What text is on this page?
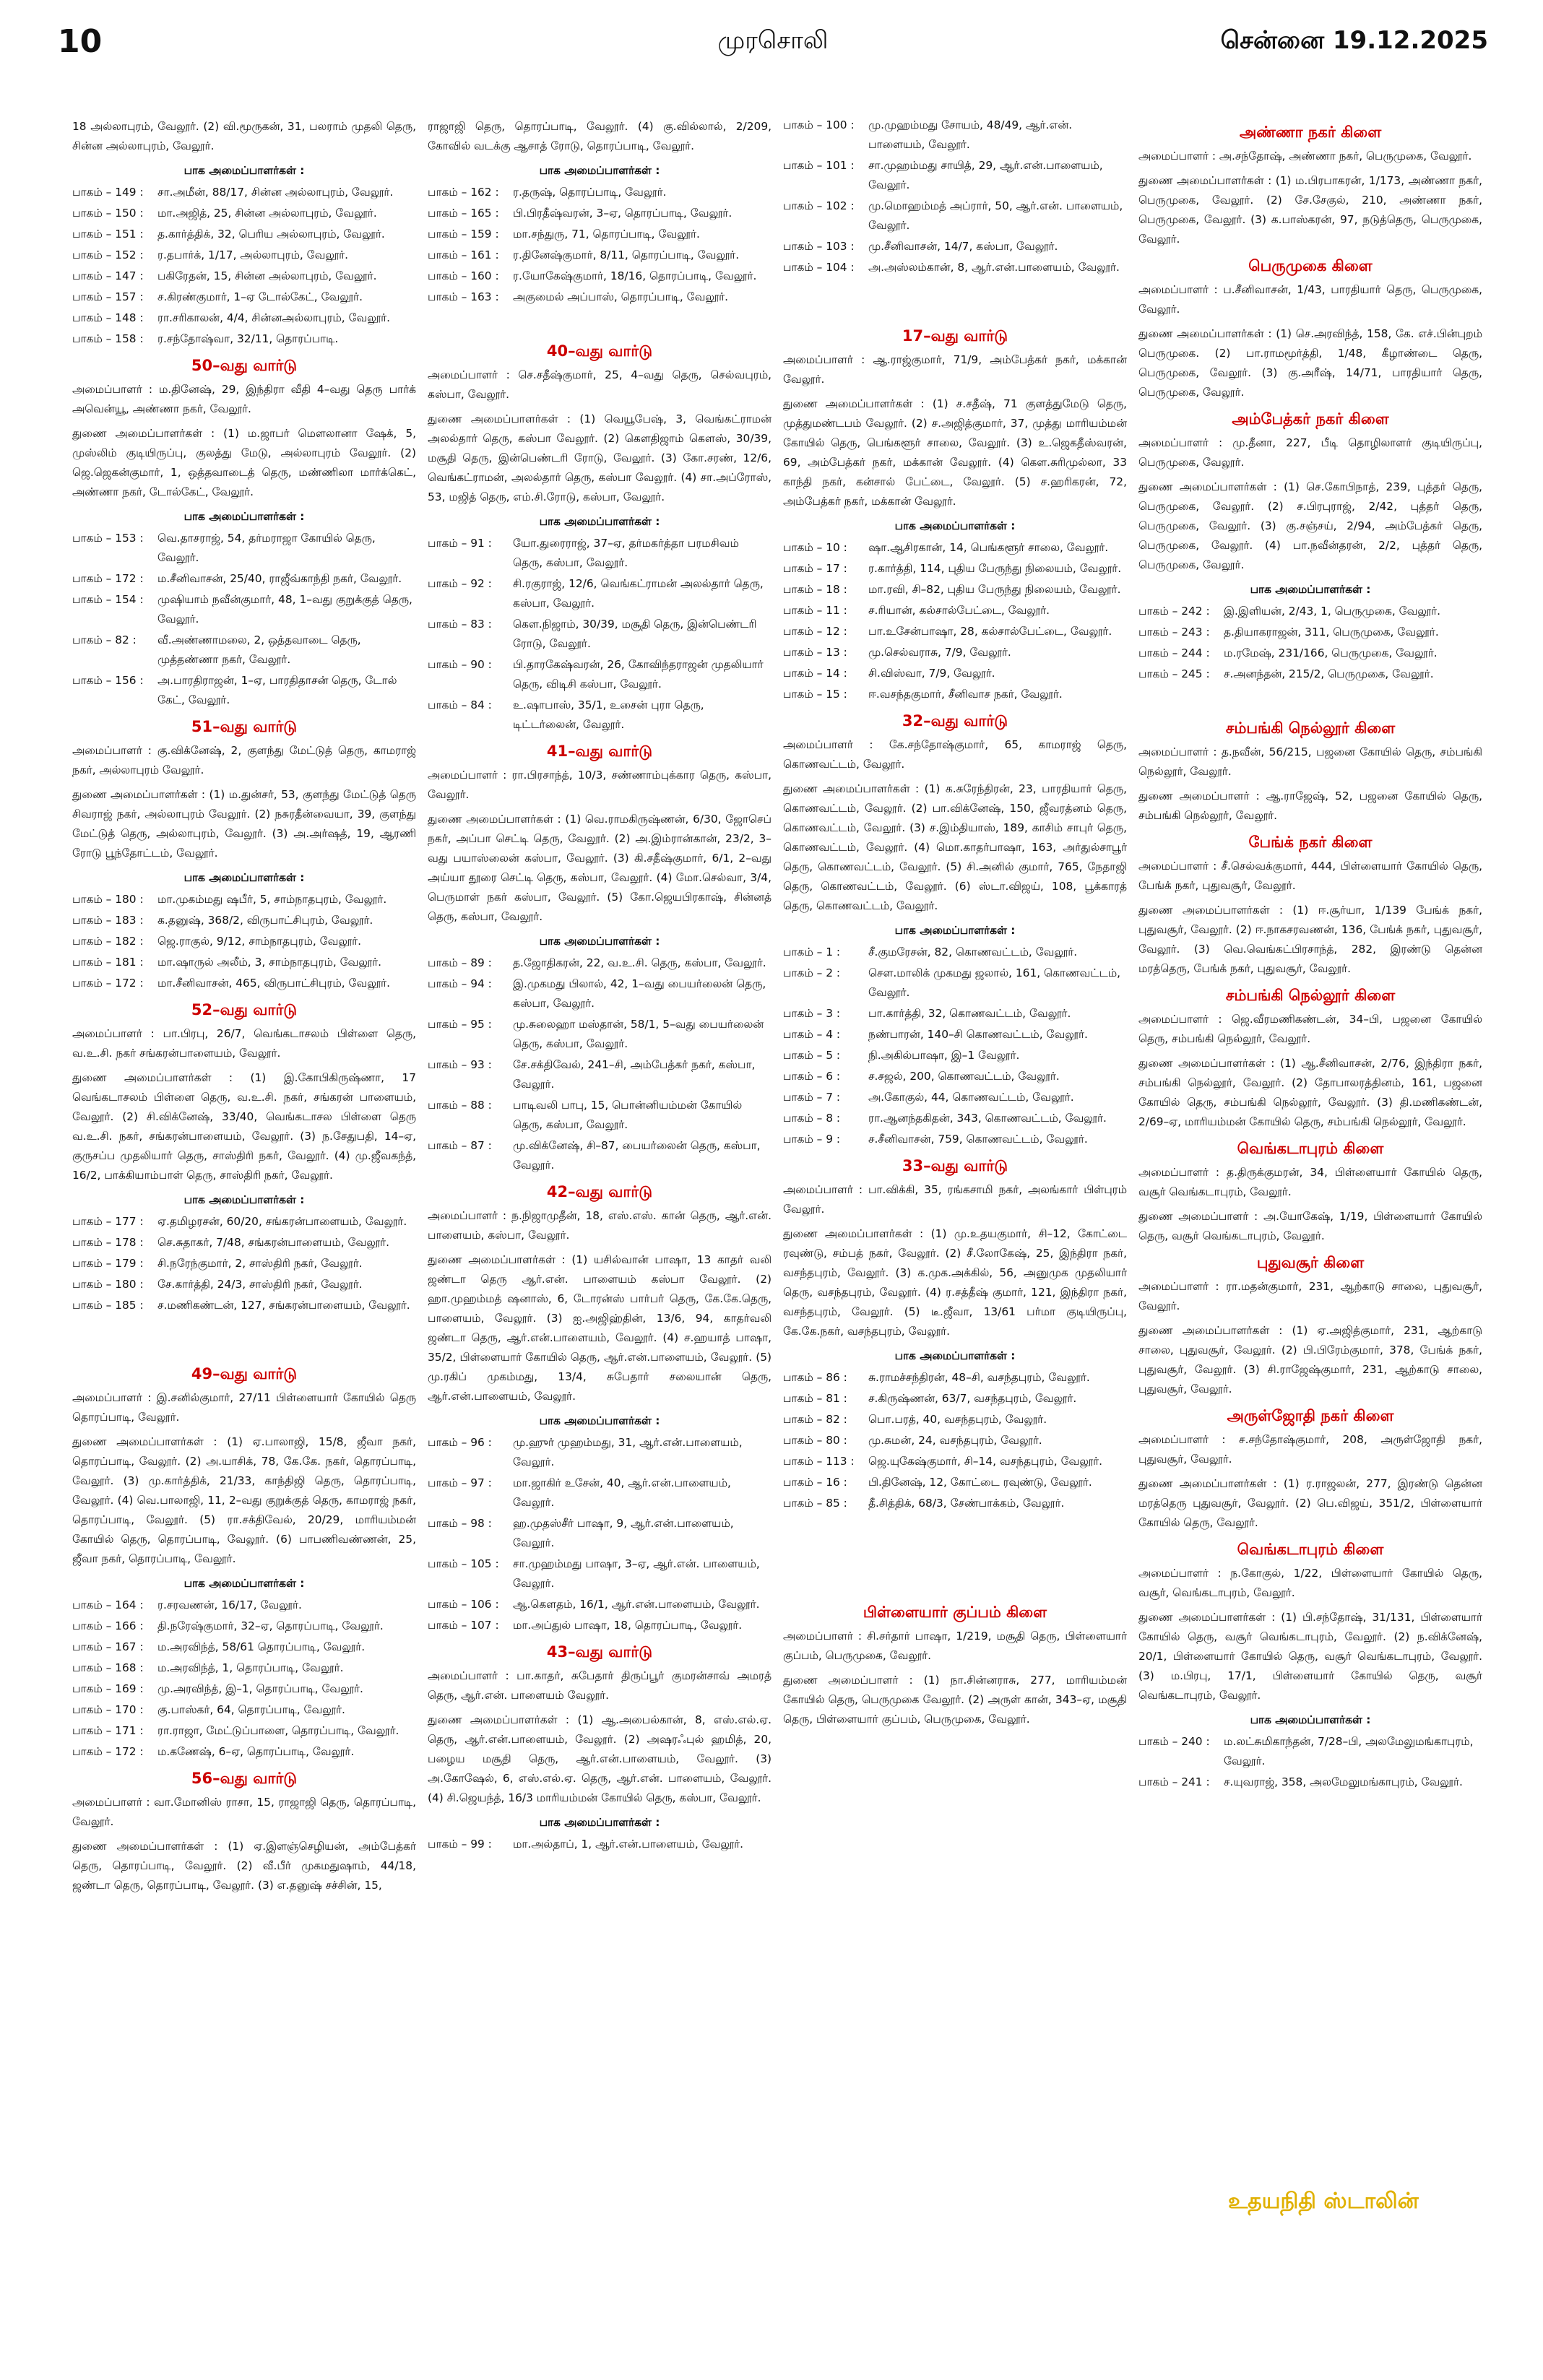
10	முரசொலி	சென்னை 19.12.2025
18 அல்லாபுரம், வேலூர். (2) வி.மூருகன், 31, பலராம் முதலி தெரு, சின்ன அல்லாபுரம், வேலூர்.
பாக அமைப்பாளர்கள் :
பாகம் – 149 :	சா.அமீன், 88/17, சின்ன அல்லாபுரம், வேலூர்.
பாகம் – 150 :	மா.அஜித், 25, சின்ன அல்லாபுரம், வேலூர்.
பாகம் – 151 :	த.கார்த்திக், 32, பெரிய அல்லாபுரம், வேலூர்.
பாகம் – 152 :	ர.தபார்க், 1/17, அல்லாபுரம், வேலூர்.
பாகம் – 147 :	பகிரேதன், 15, சின்ன அல்லாபுரம், வேலூர்.
பாகம் – 157 :	ச.கிரண்குமார், 1–ஏ டோல்கேட், வேலூர்.
பாகம் – 148 :	ரா.சரிகாலன், 4/4, சின்னஅல்லாபுரம், வேலூர்.
பாகம் – 158 :	ர.சந்தோஷ்வா, 32/11, தொரப்பாடி.
50–வது வார்டு
அமைப்பாளர் : ம.தினேஷ், 29, இந்திரா வீதி 4–வது தெரு பார்க் அவென்யூ, அண்ணா நகர், வேலூர்.
துணை அமைப்பாளர்கள் : (1) ம.ஜாபர் மௌலானா ஷேக், 5, முஸ்லிம் குடியிருப்பு, குலத்து மேடு, அல்லாபுரம் வேலூர். (2) ஜெ.ஜெகன்குமார், 1, ஒத்தவாடைத் தெரு, மண்ணிலா மார்க்கெட், அண்ணா நகர், டோல்கேட், வேலூர்.
பாக அமைப்பாளர்கள் :
பாகம் – 153 :	வெ.தாசராஜ், 54, தர்மராஜா கோயில் தெரு, வேலூர்.
பாகம் – 172 :	ம.சீனிவாசன், 25/40, ராஜீவ்காந்தி நகர், வேலூர்.
பாகம் – 154 :	முஷியாம் நவீன்குமார், 48, 1–வது குறுக்குத் தெரு, வேலூர்.
பாகம் – 82 :	வீ.அண்ணாமலை, 2, ஒத்தவாடை தெரு, முத்தண்ணா நகர், வேலூர்.
பாகம் – 156 :	அ.பாரதிராஜன், 1–ஏ, பாரதிதாசன் தெரு, டோல் கேட், வேலூர்.
51–வது வார்டு
அமைப்பாளர் : கு.விக்னேஷ், 2, குளந்து மேட்டுத் தெரு, காமராஜ் நகர், அல்லாபுரம் வேலூர்.
துணை அமைப்பாளர்கள் : (1) ம.துன்சர், 53, குளந்து மேட்டுத் தெரு சிவராஜ் நகர், அல்லாபுரம் வேலூர். (2) நசுரதீன்வையா, 39, குளந்து மேட்டுத் தெரு, அல்லாபுரம், வேலூர். (3) அ.அர்ஷத், 19, ஆரணி ரோடு பூந்தோட்டம், வேலூர்.
பாக அமைப்பாளர்கள் :
பாகம் – 180 :	மா.முகம்மது ஷபீர், 5, சாம்நாதபுரம், வேலூர்.
பாகம் – 183 :	க.தனுஷ், 368/2, விருபாட்சிபுரம், வேலூர்.
பாகம் – 182 :	ஜெ.ராகுல், 9/12, சாம்நாதபுரம், வேலூர்.
பாகம் – 181 :	மா.ஷாருல் அலீம், 3, சாம்நாதபுரம், வேலூர்.
பாகம் – 172 :	மா.சீனிவாசன், 465, விருபாட்சிபுரம், வேலூர்.
52–வது வார்டு
அமைப்பாளர் : பா.பிரபு, 26/7, வெங்கடாசலம் பிள்ளை தெரு, வ.உ.சி. நகர் சங்கரன்பாளையம், வேலூர்.
துணை அமைப்பாளர்கள் : (1) இ.கோபிகிருஷ்ணா, 17 வெங்கடாசலம் பிள்ளை தெரு, வ.உ.சி. நகர், சங்கரன் பாளையம், வேலூர். (2) சி.விக்னேஷ், 33/40, வெங்கடாசல பிள்ளை தெரு வ.உ.சி. நகர், சங்கரன்பாளையம், வேலூர். (3) ந.சேதுபதி, 14–ஏ, குருசப்ப முதலியார் தெரு, சாஸ்திரி நகர், வேலூர். (4) மு.ஜீவகந்த், 16/2, பாக்கியாம்பாள் தெரு, சாஸ்திரி நகர், வேலூர்.
பாக அமைப்பாளர்கள் :
பாகம் – 177 :	ஏ.தமிழரசன், 60/20, சங்கரன்பாளையம், வேலூர்.
பாகம் – 178 :	செ.சுதாகர், 7/48, சங்கரன்பாளையம், வேலூர்.
பாகம் – 179 :	சி.நரேந்குமார், 2, சாஸ்திரி நகர், வேலூர்.
பாகம் – 180 :	சே.கார்த்தி, 24/3, சாஸ்திரி நகர், வேலூர்.
பாகம் – 185 :	ச.மணிகண்டன், 127, சங்கரன்பாளையம், வேலூர்.
49–வது வார்டு
அமைப்பாளர் : இ.சனில்குமார், 27/11 பிள்ளையார் கோயில் தெரு தொரப்பாடி, வேலூர்.
துணை அமைப்பாளர்கள் : (1) ஏ.பாலாஜி, 15/8, ஜீவா நகர், தொரப்பாடி, வேலூர். (2) அ.யாசிக், 78, கே.கே. நகர், தொரப்பாடி, வேலூர். (3) மு.கார்த்திக், 21/33, காந்திஜி தெரு, தொரப்பாடி, வேலூர். (4) வெ.பாலாஜி, 11, 2–வது குறுக்குத் தெரு, காமராஜ் நகர், தொரப்பாடி, வேலூர். (5) ரா.சக்திவேல், 20/29, மாரியம்மன் கோயில் தெரு, தொரப்பாடி, வேலூர். (6) பாபணிவண்ணன், 25, ஜீவா நகர், தொரப்பாடி, வேலூர்.
பாக அமைப்பாளர்கள் :
பாகம் – 164 :	ர.சரவணன், 16/17, வேலூர்.
பாகம் – 166 :	தி.நரேஷ்குமார், 32–ஏ, தொரப்பாடி, வேலூர்.
பாகம் – 167 :	ம.அரவிந்த், 58/61 தொரப்பாடி, வேலூர்.
பாகம் – 168 :	ம.அரவிந்த், 1, தொரப்பாடி, வேலூர்.
பாகம் – 169 :	மு.அரவிந்த், இ–1, தொரப்பாடி, வேலூர்.
பாகம் – 170 :	கு.பாஸ்கர், 64, தொரப்பாடி, வேலூர்.
பாகம் – 171 :	ரா.ராஜா, மேட்டுப்பாளை, தொரப்பாடி, வேலூர்.
பாகம் – 172 :	ம.கணேஷ், 6–ஏ, தொரப்பாடி, வேலூர்.
56–வது வார்டு
அமைப்பாளர் : வா.மோனிஸ் ராசா, 15, ராஜாஜி தெரு, தொரப்பாடி, வேலூர்.
துணை அமைப்பாளர்கள் : (1) ஏ.இளஞ்செழியன், அம்பேத்கர் தெரு, தொரப்பாடி, வேலூர். (2) வீ.பீர் முகமதுஷாம், 44/18, ஜண்டா தெரு, தொரப்பாடி, வேலூர். (3) எ.தனுஷ் சச்சின், 15,
ராஜாஜி தெரு, தொரப்பாடி, வேலூர். (4) கு.வில்லால், 2/209, கோவில் வடக்கு ஆசாத் ரோடு, தொரப்பாடி, வேலூர்.
பாக அமைப்பாளர்கள் :
பாகம் – 162 :	ர.தருஷ், தொரப்பாடி, வேலூர்.
பாகம் – 165 :	பி.பிரதீஷ்வரன், 3–ஏ, தொரப்பாடி, வேலூர்.
பாகம் – 159 :	மா.சந்துரு, 71, தொரப்பாடி, வேலூர்.
பாகம் – 161 :	ர.தினேஷ்குமார், 8/11, தொரப்பாடி, வேலூர்.
பாகம் – 160 :	ர.யோகேஷ்குமார், 18/16, தொரப்பாடி, வேலூர்.
பாகம் – 163 :	அகுமைல் அப்பாஸ், தொரப்பாடி, வேலூர்.
40–வது வார்டு
அமைப்பாளர் : செ.சதீஷ்குமார், 25, 4–வது தெரு, செல்வபுரம், கஸ்பா, வேலூர்.
துணை அமைப்பாளர்கள் : (1) வெயூபேஷ், 3, வெங்கட்ராமன் அலல்தார் தெரு, கஸ்பா வேலூர். (2) கௌதிஜாம் கௌஸ், 30/39, மசூதி தெரு, இன்பெண்டரி ரோடு, வேலூர். (3) கோ.சரண், 12/6, வெங்கட்ராமன், அலல்தார் தெரு, கஸ்பா வேலூர். (4) சா.அப்ரோஸ், 53, மஜித் தெரு, எம்.சி.ரோடு, கஸ்பா, வேலூர்.
பாக அமைப்பாளர்கள் :
பாகம் – 91 :	யோ.துரைராஜ், 37–ஏ, தர்மகர்த்தா பரமசிவம் தெரு, கஸ்பா, வேலூர்.
பாகம் – 92 :	சி.ரகுராஜ், 12/6, வெங்கட்ராமன் அலல்தார் தெரு, கஸ்பா, வேலூர்.
பாகம் – 83 :	கௌ.நிஜாம், 30/39, மசூதி தெரு, இன்பெண்டரி ரோடு, வேலூர்.
பாகம் – 90 :	பி.தாரகேஷ்வரன், 26, கோவிந்தராஜன் முதலியார் தெரு, விடிசி கஸ்பா, வேலூர்.
பாகம் – 84 :	உ.ஷாபாஸ், 35/1, உசைன் புரா தெரு, டிட்டர்லைன், வேலூர்.
41–வது வார்டு
அமைப்பாளர் : ரா.பிரசாந்த், 10/3, சண்ணாம்புக்கார தெரு, கஸ்பா, வேலூர்.
துணை அமைப்பாளர்கள் : (1) வெ.ராமகிருஷ்ணன், 6/30, ஜோசெப் நகர், அப்பா செட்டி தெரு, வேலூர். (2) அ.இம்ரான்கான், 23/2, 3–வது பயாஸ்லைன் கஸ்பா, வேலூர். (3) கி.சதீஷ்குமார், 6/1, 2–வது அய்யா தூரை செட்டி தெரு, கஸ்பா, வேலூர். (4) மோ.செல்வா, 3/4, பெருமாள் நகர் கஸ்பா, வேலூர். (5) கோ.ஜெயபிரகாஷ், சின்னத் தெரு, கஸ்பா, வேலூர்.
பாக அமைப்பாளர்கள் :
பாகம் – 89 :	த.ஜோதிகரன், 22, வ.உ.சி. தெரு, கஸ்பா, வேலூர்.
பாகம் – 94 :	இ.முகமது பிலால், 42, 1–வது பையர்லைன் தெரு, கஸ்பா, வேலூர்.
பாகம் – 95 :	மு.சுலைஹா மஸ்தான், 58/1, 5–வது பையர்லைன் தெரு, கஸ்பா, வேலூர்.
பாகம் – 93 :	சே.சக்திவேல், 241–சி, அம்பேத்கர் நகர், கஸ்பா, வேலூர்.
பாகம் – 88 :	பாடிவலி பாபு, 15, பொன்னியம்மன் கோயில் தெரு, கஸ்பா, வேலூர்.
பாகம் – 87 :	மு.விக்னேஷ், சி–87, பையர்லைன் தெரு, கஸ்பா, வேலூர்.
42–வது வார்டு
அமைப்பாளர் : ந.நிஜாமுதீன், 18, எஸ்.எஸ். கான் தெரு, ஆர்.என். பாளையம், கஸ்பா, வேலூர்.
துணை அமைப்பாளர்கள் : (1) யசில்வான் பாஷா, 13 காதர் வலி ஜண்டா தெரு ஆர்.என். பாளையம் கஸ்பா வேலூர். (2) ஹா.முஹம்மத் ஷனாஸ், 6, டோரன்ஸ் பார்பர் தெரு, கே.கே.தெரு, பாளையம், வேலூர். (3) ஐ.அஜிஹ்தின், 13/6, 94, காதர்வலி ஜண்டா தெரு, ஆர்.என்.பாளையம், வேலூர். (4) ச.ஹயாத் பாஷா, 35/2, பிள்ளையார் கோயில் தெரு, ஆர்.என்.பாளையம், வேலூர். (5) மு.ரகிப் முகம்மது, 13/4, சுபேதார் சலையான் தெரு, ஆர்.என்.பாளையம், வேலூர்.
பாக அமைப்பாளர்கள் :
பாகம் – 96 :	மு.ஹுர் முஹம்மது, 31, ஆர்.என்.பாளையம், வேலூர்.
பாகம் – 97 :	மா.ஜாகிர் உசேன், 40, ஆர்.என்.பாளையம், வேலூர்.
பாகம் – 98 :	ஹ.முதஸ்சீர் பாஷா, 9, ஆர்.என்.பாளையம், வேலூர்.
பாகம் – 105 :	சா.முஹம்மது பாஷா, 3–ஏ, ஆர்.என். பாளையம், வேலூர்.
பாகம் – 106 :	ஆ.கெளதம், 16/1, ஆர்.என்.பாளையம், வேலூர்.
பாகம் – 107 :	மா.அப்துல் பாஷா, 18, தொரப்பாடி, வேலூர்.
43–வது வார்டு
அமைப்பாளர் : பா.காதர், சுபேதார் திருப்பூர் குமரன்சாவ் அமரத் தெரு, ஆர்.என். பாளையம் வேலூர்.
துணை அமைப்பாளர்கள் : (1) ஆ.அபைல்கான், 8, எஸ்.எல்.ஏ. தெரு, ஆர்.என்.பாளையம், வேலூர். (2) அஷரஃபுல் ஹமித், 20, பழைய மசூதி தெரு, ஆர்.என்.பாளையம், வேலூர். (3) அ.கோஷேல், 6, எஸ்.எல்.ஏ. தெரு, ஆர்.என். பாளையம், வேலூர். (4) சி.ஜெயந்த், 16/3 மாரியம்மன் கோயில் தெரு, கஸ்பா, வேலூர்.
பாக அமைப்பாளர்கள் :
பாகம் – 99 :	மா.அல்தாப், 1, ஆர்.என்.பாளையம், வேலூர்.
பாகம் – 100 :	மு.முஹம்மது சோயம், 48/49, ஆர்.என். பாளையம், வேலூர்.
பாகம் – 101 :	சா.முஹம்மது சாயித், 29, ஆர்.என்.பாளையம், வேலூர்.
பாகம் – 102 :	மு.மொஹம்மத் அப்ரார், 50, ஆர்.என். பாளையம், வேலூர்.
பாகம் – 103 :	மு.சீனிவாசன், 14/7, கஸ்பா, வேலூர்.
பாகம் – 104 :	அ.அஸ்லம்கான், 8, ஆர்.என்.பாளையம், வேலூர்.
17–வது வார்டு
அமைப்பாளர் : ஆ.ராஜ்குமார், 71/9, அம்பேத்கர் நகர், மக்கான் வேலூர்.
துணை அமைப்பாளர்கள் : (1) ச.சதீஷ், 71 குளத்துமேடு தெரு, முத்துமண்டபம் வேலூர். (2) ச.அஜித்குமார், 37, முத்து மாரியம்மன் கோயில் தெரு, பெங்களூர் சாலை, வேலூர். (3) உ.ஜெகதீஸ்வரன், 69, அம்பேத்கர் நகர், மக்கான் வேலூர். (4) கௌ.சுரிமுல்லா, 33 காந்தி நகர், கன்சால் பேட்டை, வேலூர். (5) ச.ஹரிகரன், 72, அம்பேத்கர் நகர், மக்கான் வேலூர்.
பாக அமைப்பாளர்கள் :
பாகம் – 10 :	ஷா.ஆசிரகான், 14, பெங்களூர் சாலை, வேலூர்.
பாகம் – 17 :	ர.கார்த்தி, 114, புதிய பேருந்து நிலையம், வேலூர்.
பாகம் – 18 :	மா.ரவி, சி–82, புதிய பேருந்து நிலையம், வேலூர்.
பாகம் – 11 :	ச.ரியான், கல்சால்பேட்டை, வேலூர்.
பாகம் – 12 :	பா.உசேன்பாஷா, 28, கல்சால்பேட்டை, வேலூர்.
பாகம் – 13 :	மு.செல்வராசு, 7/9, வேலூர்.
பாகம் – 14 :	சி.விஸ்வா, 7/9, வேலூர்.
பாகம் – 15 :	ஈ.வசந்தகுமார், சீனிவாச நகர், வேலூர்.
32–வது வார்டு
அமைப்பாளர் : கே.சந்தோஷ்குமார், 65, காமராஜ் தெரு, கொணவட்டம், வேலூர்.
துணை அமைப்பாளர்கள் : (1) க.சுரேந்திரன், 23, பாரதியார் தெரு, கொணவட்டம், வேலூர். (2) பா.விக்னேஷ், 150, ஜீவரத்னம் தெரு, கொணவட்டம், வேலூர். (3) ச.இம்தியாஸ், 189, காசிம் சாபுர் தெரு, கொணவட்டம், வேலூர். (4) மொ.காதர்பாஷா, 163, அர்துல்சாபூர் தெரு, கொணவட்டம், வேலூர். (5) சி.அனில் குமார், 765, நேதாஜி தெரு, கொணவட்டம், வேலூர். (6) ஸ்டா.விஜய், 108, பூக்காரத் தெரு, கொணவட்டம், வேலூர்.
பாக அமைப்பாளர்கள் :
பாகம் – 1 :	சீ.குமரேசன், 82, கொணவட்டம், வேலூர்.
பாகம் – 2 :	சௌ.மாலிக் முகமது ஜலால், 161, கொணவட்டம், வேலூர்.
பாகம் – 3 :	பா.கார்த்தி, 32, கொணவட்டம், வேலூர்.
பாகம் – 4 :	நண்பாரன், 140–சி கொணவட்டம், வேலூர்.
பாகம் – 5 :	நி.அகில்பாஷா, இ–1 வேலூர்.
பாகம் – 6 :	ச.சஜல், 200, கொணவட்டம், வேலூர்.
பாகம் – 7 :	அ.கோகுல், 44, கொணவட்டம், வேலூர்.
பாகம் – 8 :	ரா.ஆனந்தகிதன், 343, கொணவட்டம், வேலூர்.
பாகம் – 9 :	ச.சீனிவாசன், 759, கொணவட்டம், வேலூர்.
33–வது வார்டு
அமைப்பாளர் : பா.விக்கி, 35, ரங்கசாமி நகர், அலங்கார் பிள்புரம் வேலூர்.
துணை அமைப்பாளர்கள் : (1) மு.உதயகுமார், சி–12, கோட்டை ரவுண்டு, சம்பத் நகர், வேலூர். (2) சீ.லோகேஷ், 25, இந்திரா நகர், வசந்தபுரம், வேலூர். (3) க.முக.அக்கில், 56, அனுமுக முதலியார் தெரு, வசந்தபுரம், வேலூர். (4) ர.சத்தீஷ் குமார், 121, இந்திரா நகர், வசந்தபுரம், வேலூர். (5) டீ.ஜீவா, 13/61 பர்மா குடியிருப்பு, கே.கே.நகர், வசந்தபுரம், வேலூர்.
பாக அமைப்பாளர்கள் :
பாகம் – 86 :	சு.ராமச்சந்திரன், 48–சி, வசந்தபுரம், வேலூர்.
பாகம் – 81 :	ச.கிருஷ்ணன், 63/7, வசந்தபுரம், வேலூர்.
பாகம் – 82 :	பொ.பரத், 40, வசந்தபுரம், வேலூர்.
பாகம் – 80 :	மு.சுமன், 24, வசந்தபுரம், வேலூர்.
பாகம் – 113 :	ஜெ.யுகேஷ்குமார், சி–14, வசந்தபுரம், வேலூர்.
பாகம் – 16 :	பி.தினேஷ், 12, கோட்டை ரவுண்டு, வேலூர்.
பாகம் – 85 :	தீ.சித்திக், 68/3, சேண்பாக்கம், வேலூர்.
பிள்ளையார் குப்பம் கிளை
அமைப்பாளர் : சி.சர்தார் பாஷா, 1/219, மசூதி தெரு, பிள்ளையார் குப்பம், பெருமுகை, வேலூர்.
துணை அமைப்பாளர் : (1) நா.சின்னராசு, 277, மாரியம்மன் கோயில் தெரு, பெருமுகை வேலூர். (2) அருள் கான், 343–ஏ, மசூதி தெரு, பிள்ளையார் குப்பம், பெருமுகை, வேலூர்.
அண்ணா நகர் கிளை
அமைப்பாளர் : அ.சந்தோஷ், அண்ணா நகர், பெருமுகை, வேலூர்.
துணை அமைப்பாளர்கள் : (1) ம.பிரபாகரன், 1/173, அண்ணா நகர், பெருமுகை, வேலூர். (2) சே.சேகுல், 210, அண்ணா நகர், பெருமுகை, வேலூர். (3) க.பாஸ்கரன், 97, நடுத்தெரு, பெருமுகை, வேலூர்.
பெருமுகை கிளை
அமைப்பாளர் : ப.சீனிவாசன், 1/43, பாரதியார் தெரு, பெருமுகை, வேலூர்.
துணை அமைப்பாளர்கள் : (1) செ.அரவிந்த், 158, கே. எச்.பின்புறம் பெருமுகை. (2) பா.ராமமூர்த்தி, 1/48, கீழாண்டை தெரு, பெருமுகை, வேலூர். (3) கு.அரீஷ், 14/71, பாரதியார் தெரு, பெருமுகை, வேலூர்.
அம்பேத்கர் நகர் கிளை
அமைப்பாளர் : மு.தீனா, 227, பீடி தொழிலாளர் குடியிருப்பு, பெருமுகை, வேலூர்.
துணை அமைப்பாளர்கள் : (1) செ.கோபிநாத், 239, புத்தர் தெரு, பெருமுகை, வேலூர். (2) ச.பிரபுராஜ், 2/42, புத்தர் தெரு, பெருமுகை, வேலூர். (3) கு.சஞ்சய், 2/94, அம்பேத்கர் தெரு, பெருமுகை, வேலூர். (4) பா.நவீன்தரன், 2/2, புத்தர் தெரு, பெருமுகை, வேலூர்.
பாக அமைப்பாளர்கள் :
பாகம் – 242 :	இ.இளியன், 2/43, 1, பெருமுகை, வேலூர்.
பாகம் – 243 :	த.தியாகராஜன், 311, பெருமுகை, வேலூர்.
பாகம் – 244 :	ம.ரமேஷ், 231/166, பெருமுகை, வேலூர்.
பாகம் – 245 :	ச.அனந்தன், 215/2, பெருமுகை, வேலூர்.
சம்பங்கி நெல்லூர் கிளை
அமைப்பாளர் : த.நவீன், 56/215, பஜனை கோயில் தெரு, சம்பங்கி நெல்லூர், வேலூர்.
துணை அமைப்பாளர் : ஆ.ராஜேஷ், 52, பஜனை கோயில் தெரு, சம்பங்கி நெல்லூர், வேலூர்.
பேங்க் நகர் கிளை
அமைப்பாளர் : சீ.செல்வக்குமார், 444, பிள்ளையார் கோயில் தெரு, பேங்க் நகர், புதுவசூர், வேலூர்.
துணை அமைப்பாளர்கள் : (1) ஈ.சூர்யா, 1/139 பேங்க் நகர், புதுவசூர், வேலூர். (2) ஈ.நாகசரவணன், 136, பேங்க் நகர், புதுவசூர், வேலூர். (3) வெ.வெங்கட்பிரசாந்த், 282, இரண்டு தென்ன மரத்தெரு, பேங்க் நகர், புதுவசூர், வேலூர்.
சம்பங்கி நெல்லூர் கிளை
அமைப்பாளர் : ஜெ.வீரமணிகண்டன், 34–பி, பஜனை கோயில் தெரு, சம்பங்கி நெல்லூர், வேலூர்.
துணை அமைப்பாளர்கள் : (1) ஆ.சீனிவாசன், 2/76, இந்திரா நகர், சம்பங்கி நெல்லூர், வேலூர். (2) தோபாலரத்தினம், 161, பஜனை கோயில் தெரு, சம்பங்கி நெல்லூர், வேலூர். (3) தி.மணிகண்டன், 2/69–ஏ, மாரியம்மன் கோயில் தெரு, சம்பங்கி நெல்லூர், வேலூர்.
வெங்கடாபுரம் கிளை
அமைப்பாளர் : த.திருக்குமரன், 34, பிள்ளையார் கோயில் தெரு, வசூர் வெங்கடாபுரம், வேலூர்.
துணை அமைப்பாளர் : அ.யோகேஷ், 1/19, பிள்ளையார் கோயில் தெரு, வசூர் வெங்கடாபுரம், வேலூர்.
புதுவசூர் கிளை
அமைப்பாளர் : ரா.மதன்குமார், 231, ஆற்காடு சாலை, புதுவசூர், வேலூர்.
துணை அமைப்பாளர்கள் : (1) ஏ.அஜித்குமார், 231, ஆற்காடு சாலை, புதுவசூர், வேலூர். (2) பி.பிரேம்குமார், 378, பேங்க் நகர், புதுவசூர், வேலூர். (3) சி.ராஜேஷ்குமார், 231, ஆற்காடு சாலை, புதுவசூர், வேலூர்.
அருள்ஜோதி நகர் கிளை
அமைப்பாளர் : ச.சந்தோஷ்குமார், 208, அருள்ஜோதி நகர், புதுவசூர், வேலூர்.
துணை அமைப்பாளர்கள் : (1) ர.ராஜலன், 277, இரண்டு தென்ன மரத்தெரு புதுவசூர், வேலூர். (2) பெ.விஜய், 351/2, பிள்ளையார் கோயில் தெரு, வேலூர்.
வெங்கடாபுரம் கிளை
அமைப்பாளர் : ந.கோகுல், 1/22, பிள்ளையார் கோயில் தெரு, வசூர், வெங்கடாபுரம், வேலூர்.
துணை அமைப்பாளர்கள் : (1) பி.சந்தோஷ், 31/131, பிள்ளையார் கோயில் தெரு, வசூர் வெங்கடாபுரம், வேலூர். (2) ந.விக்னேஷ், 20/1, பிள்ளையார் கோயில் தெரு, வசூர் வெங்கடாபுரம், வேலூர். (3) ம.பிரபு, 17/1, பிள்ளையார் கோயில் தெரு, வசூர் வெங்கடாபுரம், வேலூர்.
பாக அமைப்பாளர்கள் :
பாகம் – 240 :	ம.லட்சுமிகாந்தன், 7/28–பி, அலமேலுமங்காபுரம், வேலூர்.
பாகம் – 241 :	ச.யுவராஜ், 358, அலமேலுமங்காபுரம், வேலூர்.
உதயநிதி ஸ்டாலின்
